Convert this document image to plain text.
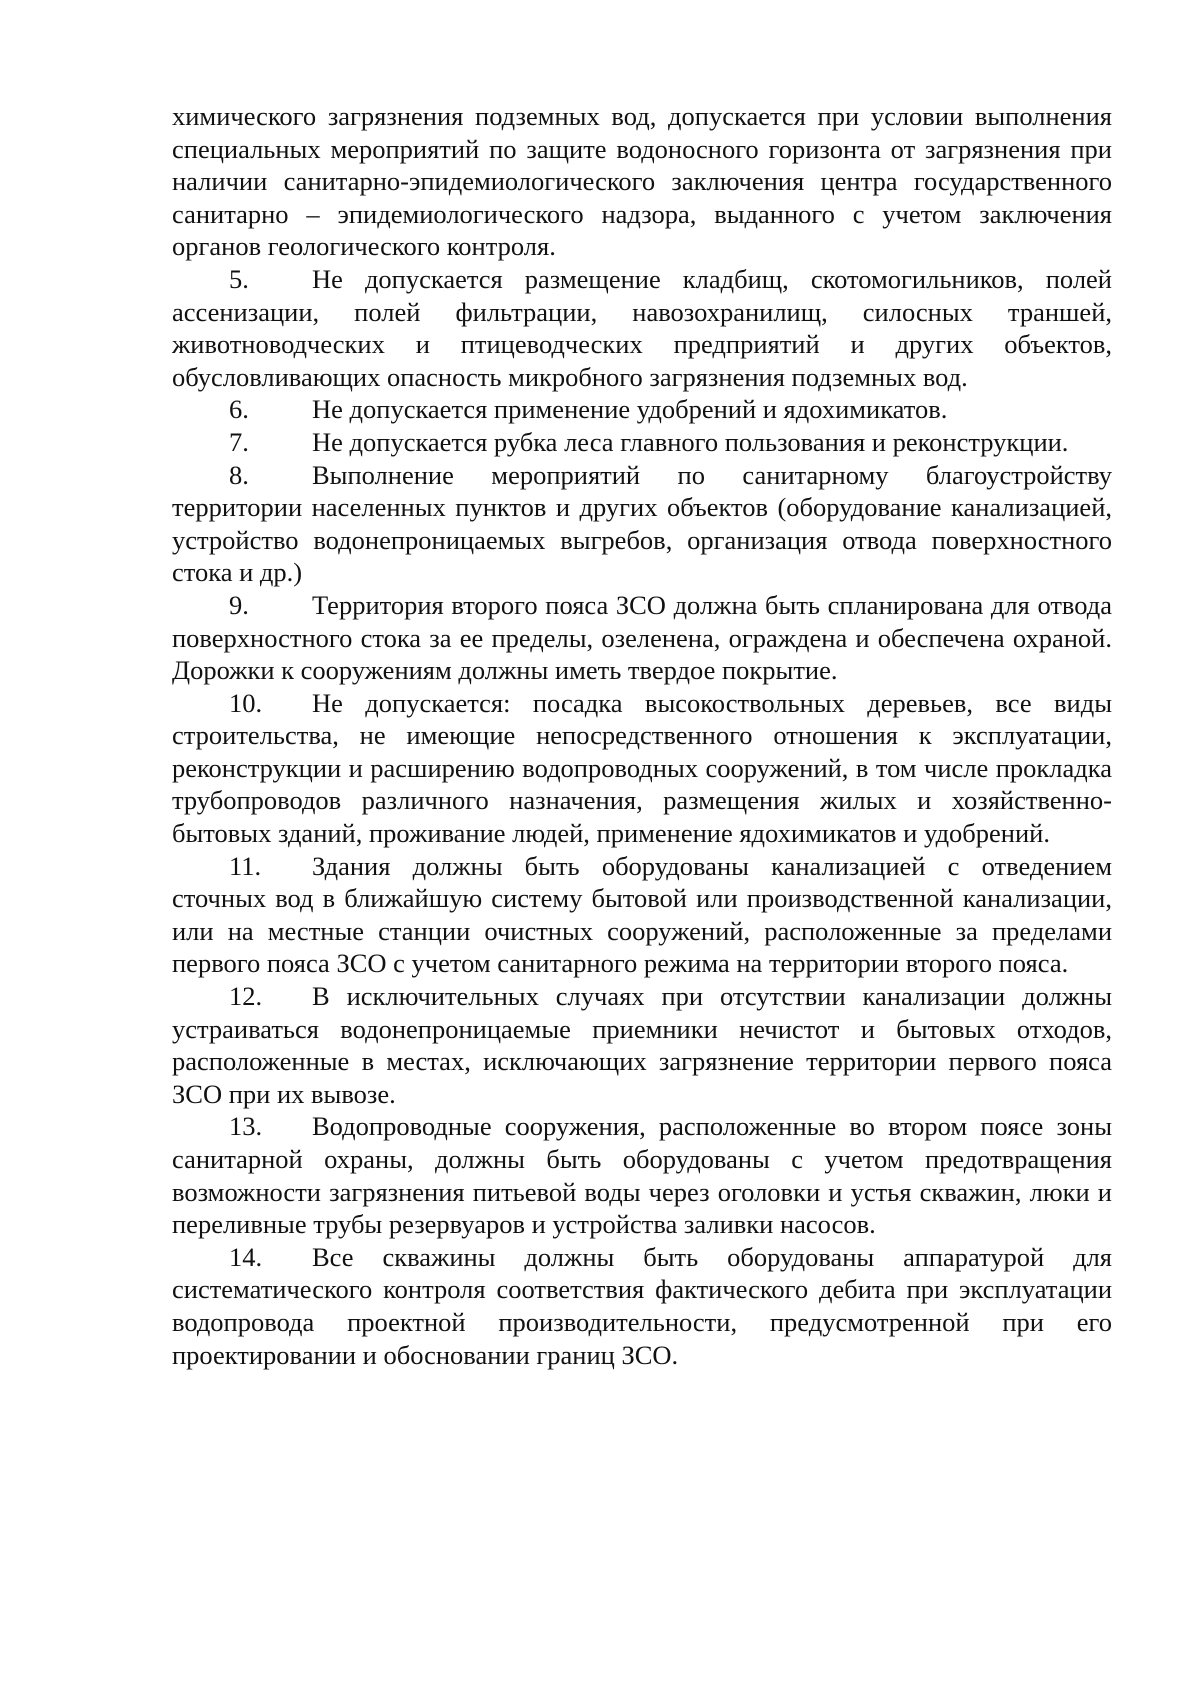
химического загрязнения подземных вод, допускается при условии выполнения специальных мероприятий по защите водоносного горизонта от загрязнения при наличии санитарно-эпидемиологического заключения центра государственного санитарно – эпидемиологического надзора, выданного с учетом заключения органов геологического контроля.

5. Не допускается размещение кладбищ, скотомогильников, полей ассенизации, полей фильтрации, навозохранилищ, силосных траншей, животноводческих и птицеводческих предприятий и других объектов, обусловливающих опасность микробного загрязнения подземных вод.

6. Не допускается применение удобрений и ядохимикатов.

7. Не допускается рубка леса главного пользования и реконструкции.

8. Выполнение мероприятий по санитарному благоустройству территории населенных пунктов и других объектов (оборудование канализацией, устройство водонепроницаемых выгребов, организация отвода поверхностного стока и др.)

9. Территория второго пояса ЗСО должна быть спланирована для отвода поверхностного стока за ее пределы, озеленена, ограждена и обеспечена охраной. Дорожки к сооружениям должны иметь твердое покрытие.

10. Не допускается: посадка высокоствольных деревьев, все виды строительства, не имеющие непосредственного отношения к эксплуатации, реконструкции и расширению водопроводных сооружений, в том числе прокладка трубопроводов различного назначения, размещения жилых и хозяйственно-бытовых зданий, проживание людей, применение ядохимикатов и удобрений.

11. Здания должны быть оборудованы канализацией с отведением сточных вод в ближайшую систему бытовой или производственной канализации, или на местные станции очистных сооружений, расположенные за пределами первого пояса ЗСО с учетом санитарного режима на территории второго пояса.

12. В исключительных случаях при отсутствии канализации должны устраиваться водонепроницаемые приемники нечистот и бытовых отходов, расположенные в местах, исключающих загрязнение территории первого пояса ЗСО при их вывозе.

13. Водопроводные сооружения, расположенные во втором поясе зоны санитарной охраны, должны быть оборудованы с учетом предотвращения возможности загрязнения питьевой воды через оголовки и устья скважин, люки и переливные трубы резервуаров и устройства заливки насосов.

14. Все скважины должны быть оборудованы аппаратурой для систематического контроля соответствия фактического дебита при эксплуатации водопровода проектной производительности, предусмотренной при его проектировании и обосновании границ ЗСО.
